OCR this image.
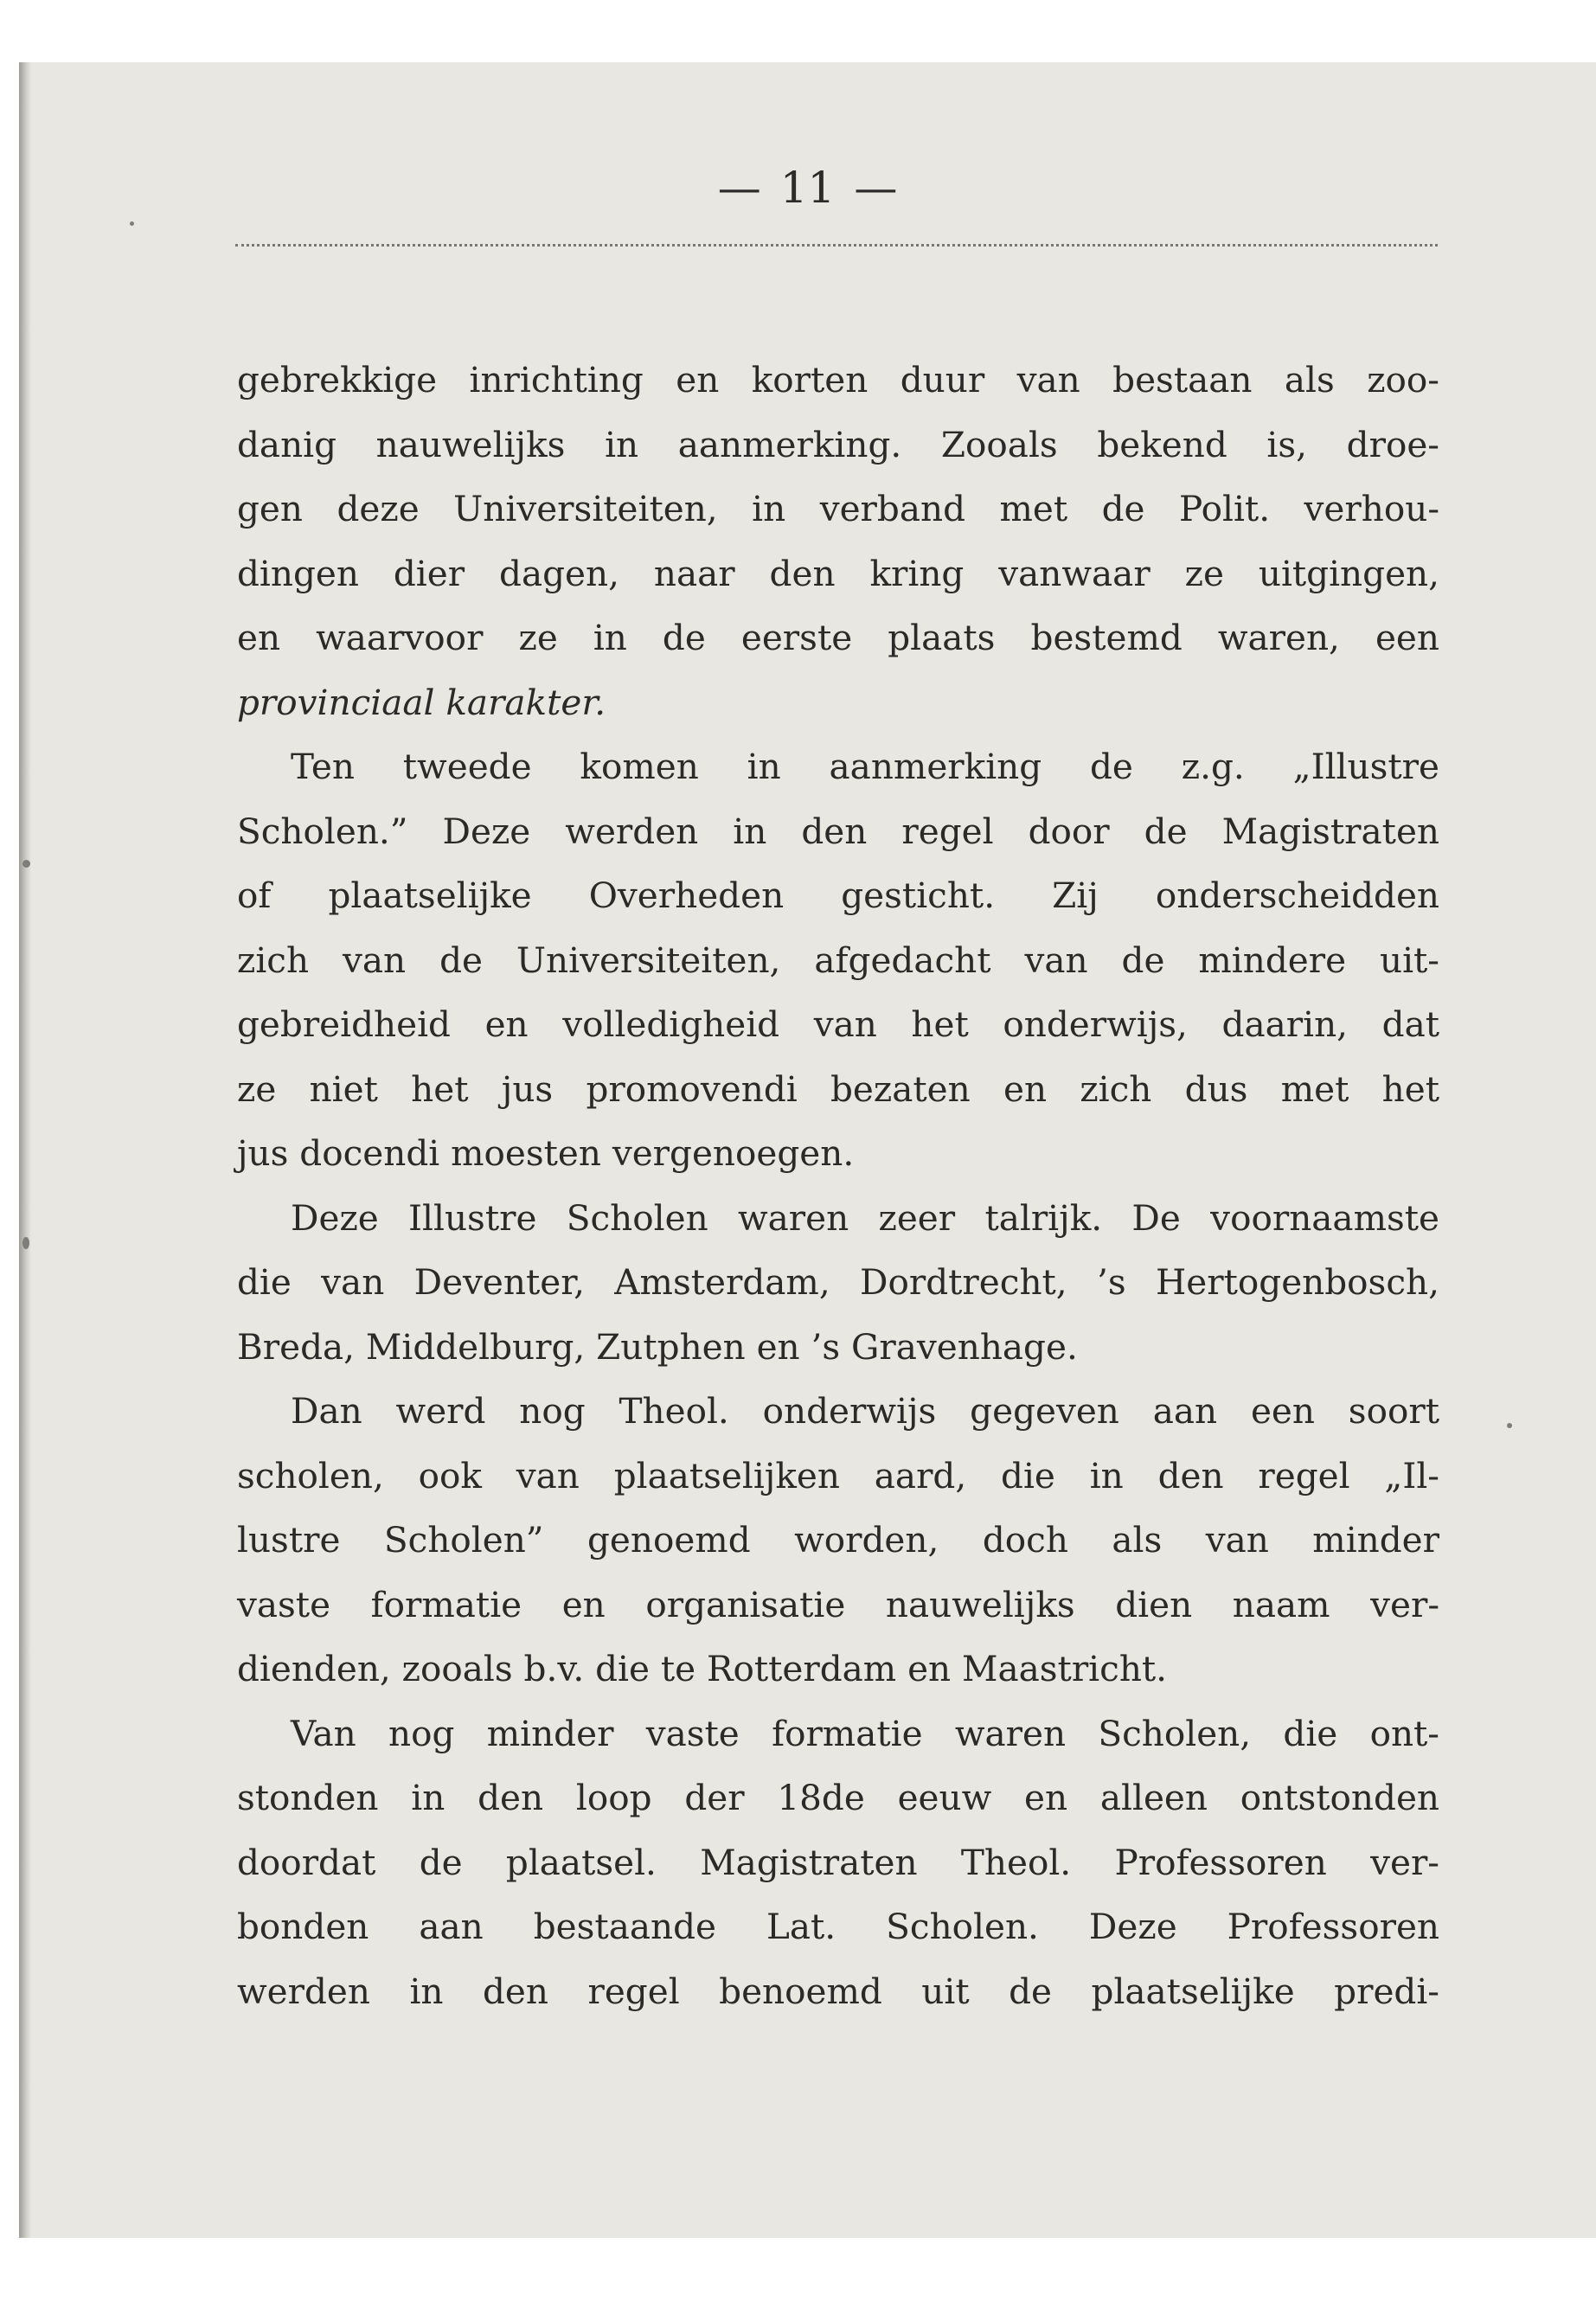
— 11 —
gebrekkige inrichting en korten duur van bestaan als zoo-
danig nauwelijks in aanmerking. Zooals bekend is, droe-
gen deze Universiteiten, in verband met de Polit. verhou-
dingen dier dagen, naar den kring vanwaar ze uitgingen,
en waarvoor ze in de eerste plaats bestemd waren, een
provinciaal karakter.
Ten tweede komen in aanmerking de z.g. „Illustre
Scholen.” Deze werden in den regel door de Magistraten
of plaatselijke Overheden gesticht. Zij onderscheidden
zich van de Universiteiten, afgedacht van de mindere uit-
gebreidheid en volledigheid van het onderwijs, daarin, dat
ze niet het jus promovendi bezaten en zich dus met het
jus docendi moesten vergenoegen.
Deze Illustre Scholen waren zeer talrijk. De voornaamste
die van Deventer, Amsterdam, Dordtrecht, ’s Hertogenbosch,
Breda, Middelburg, Zutphen en ’s Gravenhage.
Dan werd nog Theol. onderwijs gegeven aan een soort
scholen, ook van plaatselijken aard, die in den regel „Il-
lustre Scholen” genoemd worden, doch als van minder
vaste formatie en organisatie nauwelijks dien naam ver-
dienden, zooals b.v. die te Rotterdam en Maastricht.
Van nog minder vaste formatie waren Scholen, die ont-
stonden in den loop der 18de eeuw en alleen ontstonden
doordat de plaatsel. Magistraten Theol. Professoren ver-
bonden aan bestaande Lat. Scholen. Deze Professoren
werden in den regel benoemd uit de plaatselijke predi-
